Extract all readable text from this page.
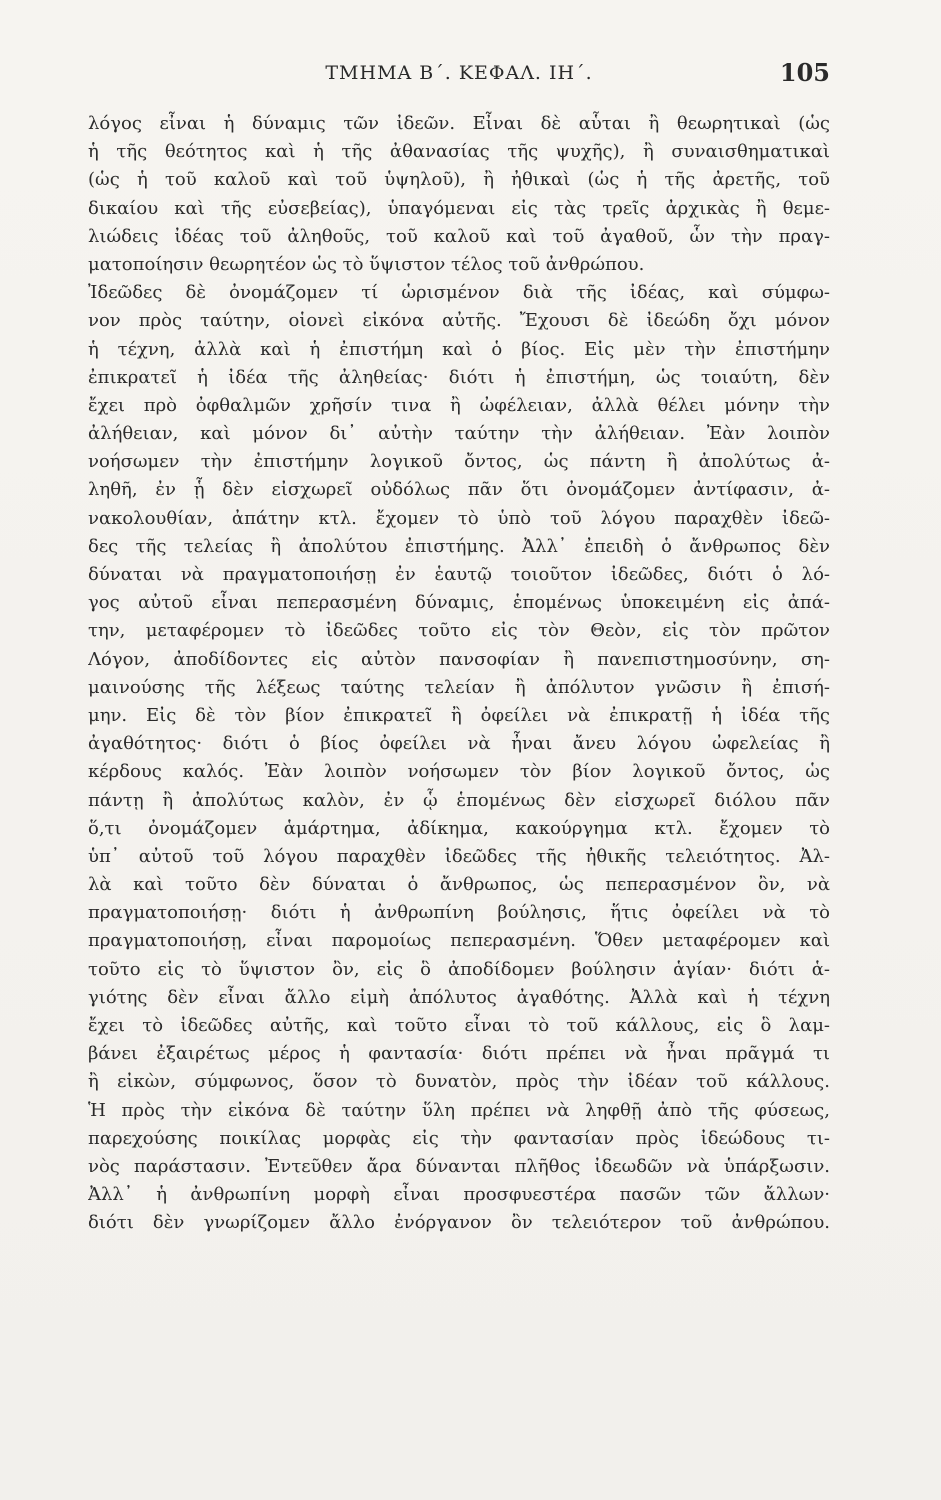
ΤΜΗΜΑ Β΄. ΚΕΦΑΛ. ΙΗ΄.	105
λόγος εἶναι ἡ δύναμις τῶν ἰδεῶν. Εἶναι δὲ αὗται ἢ θεωρητικαὶ (ὡς
ἡ τῆς θεότητος καὶ ἡ τῆς ἀθανασίας τῆς ψυχῆς), ἢ συναισθηματικαὶ
(ὡς ἡ τοῦ καλοῦ καὶ τοῦ ὑψηλοῦ), ἢ ἠθικαὶ (ὡς ἡ τῆς ἀρετῆς, τοῦ
δικαίου καὶ τῆς εὐσεβείας), ὑπαγόμεναι εἰς τὰς τρεῖς ἀρχικὰς ἢ θεμε-
λιώδεις ἰδέας τοῦ ἀληθοῦς, τοῦ καλοῦ καὶ τοῦ ἀγαθοῦ, ὧν τὴν πραγ-
ματοποίησιν θεωρητέον ὡς τὸ ὕψιστον τέλος τοῦ ἀνθρώπου.
Ἰδεῶδες δὲ ὀνομάζομεν τί ὡρισμένον διὰ τῆς ἰδέας, καὶ σύμφω-
νον πρὸς ταύτην, οἱονεὶ εἰκόνα αὐτῆς. Ἔχουσι δὲ ἰδεώδη ὄχι μόνον
ἡ τέχνη, ἀλλὰ καὶ ἡ ἐπιστήμη καὶ ὁ βίος. Εἰς μὲν τὴν ἐπιστήμην
ἐπικρατεῖ ἡ ἰδέα τῆς ἀληθείας· διότι ἡ ἐπιστήμη, ὡς τοιαύτη, δὲν
ἔχει πρὸ ὀφθαλμῶν χρῆσίν τινα ἢ ὠφέλειαν, ἀλλὰ θέλει μόνην τὴν
ἀλήθειαν, καὶ μόνον δι᾽ αὐτὴν ταύτην τὴν ἀλήθειαν. Ἐὰν λοιπὸν
νοήσωμεν τὴν ἐπιστήμην λογικοῦ ὄντος, ὡς πάντη ἢ ἀπολύτως ἀ-
ληθῆ, ἐν ᾗ δὲν εἰσχωρεῖ οὐδόλως πᾶν ὅτι ὀνομάζομεν ἀντίφασιν, ἀ-
νακολουθίαν, ἀπάτην κτλ. ἔχομεν τὸ ὑπὸ τοῦ λόγου παραχθὲν ἰδεῶ-
δες τῆς τελείας ἢ ἀπολύτου ἐπιστήμης. Ἀλλ᾽ ἐπειδὴ ὁ ἄνθρωπος δὲν
δύναται νὰ πραγματοποιήσῃ ἐν ἑαυτῷ τοιοῦτον ἰδεῶδες, διότι ὁ λό-
γος αὐτοῦ εἶναι πεπερασμένη δύναμις, ἑπομένως ὑποκειμένη εἰς ἀπά-
την, μεταφέρομεν τὸ ἰδεῶδες τοῦτο εἰς τὸν Θεὸν, εἰς τὸν πρῶτον
Λόγον, ἀποδίδοντες εἰς αὐτὸν πανσοφίαν ἢ πανεπιστημοσύνην, ση-
μαινούσης τῆς λέξεως ταύτης τελείαν ἢ ἀπόλυτον γνῶσιν ἢ ἐπισή-
μην. Εἰς δὲ τὸν βίον ἐπικρατεῖ ἢ ὀφείλει νὰ ἐπικρατῇ ἡ ἰδέα τῆς
ἀγαθότητος· διότι ὁ βίος ὀφείλει νὰ ἦναι ἄνευ λόγου ὠφελείας ἢ
κέρδους καλός. Ἐὰν λοιπὸν νοήσωμεν τὸν βίον λογικοῦ ὄντος, ὡς
πάντῃ ἢ ἀπολύτως καλὸν, ἐν ᾧ ἑπομένως δὲν εἰσχωρεῖ διόλου πᾶν
ὅ,τι ὀνομάζομεν ἁμάρτημα, ἀδίκημα, κακούργημα κτλ. ἔχομεν τὸ
ὑπ᾽ αὐτοῦ τοῦ λόγου παραχθὲν ἰδεῶδες τῆς ἠθικῆς τελειότητος. Ἀλ-
λὰ καὶ τοῦτο δὲν δύναται ὁ ἄνθρωπος, ὡς πεπερασμένον ὂν, νὰ
πραγματοποιήσῃ· διότι ἡ ἀνθρωπίνη βούλησις, ἥτις ὀφείλει νὰ τὸ
πραγματοποιήσῃ, εἶναι παρομοίως πεπερασμένη. Ὅθεν μεταφέρομεν καὶ
τοῦτο εἰς τὸ ὕψιστον ὂν, εἰς ὃ ἀποδίδομεν βούλησιν ἁγίαν· διότι ἁ-
γιότης δὲν εἶναι ἄλλο εἰμὴ ἀπόλυτος ἀγαθότης. Ἀλλὰ καὶ ἡ τέχνη
ἔχει τὸ ἰδεῶδες αὐτῆς, καὶ τοῦτο εἶναι τὸ τοῦ κάλλους, εἰς ὃ λαμ-
βάνει ἐξαιρέτως μέρος ἡ φαντασία· διότι πρέπει νὰ ἦναι πρᾶγμά τι
ἢ εἰκὼν, σύμφωνος, ὅσον τὸ δυνατὸν, πρὸς τὴν ἰδέαν τοῦ κάλλους.
Ἡ πρὸς τὴν εἰκόνα δὲ ταύτην ὕλη πρέπει νὰ ληφθῇ ἀπὸ τῆς φύσεως,
παρεχούσης ποικίλας μορφὰς εἰς τὴν φαντασίαν πρὸς ἰδεώδους τι-
νὸς παράστασιν. Ἐντεῦθεν ἄρα δύνανται πλῆθος ἰδεωδῶν νὰ ὑπάρξωσιν.
Ἀλλ᾽ ἡ ἀνθρωπίνη μορφὴ εἶναι προσφυεστέρα πασῶν τῶν ἄλλων·
διότι δὲν γνωρίζομεν ἄλλο ἐνόργανον ὂν τελειότερον τοῦ ἀνθρώπου.
